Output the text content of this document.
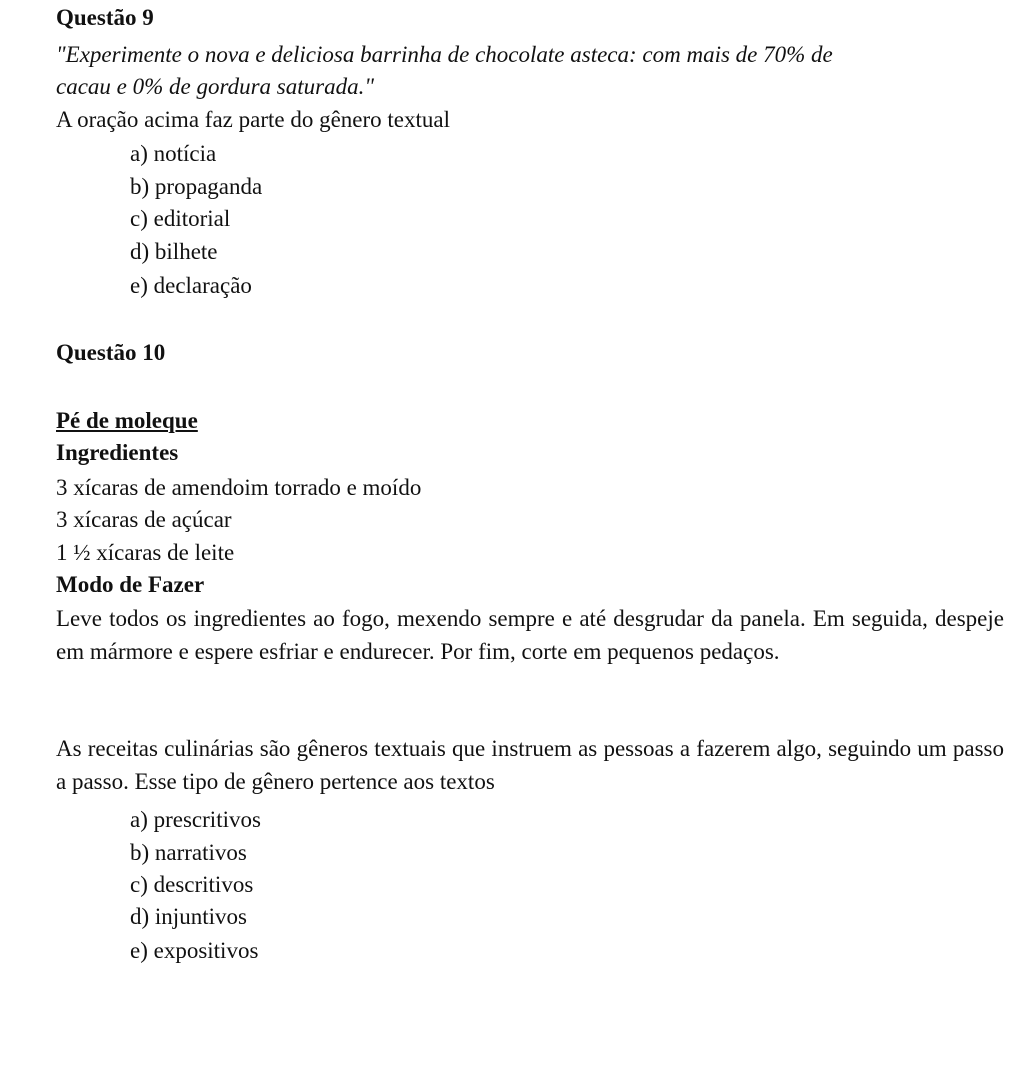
Questão 9
"Experimente o nova e deliciosa barrinha de chocolate asteca: com mais de 70% de
cacau e 0% de gordura saturada."
A oração acima faz parte do gênero textual
a) notícia
b) propaganda
c) editorial
d) bilhete
e) declaração
Questão 10
Pé de moleque
Ingredientes
3 xícaras de amendoim torrado e moído
3 xícaras de açúcar
1 ½ xícaras de leite
Modo de Fazer
Leve todos os ingredientes ao fogo, mexendo sempre e até desgrudar da panela. Em seguida, despeje em mármore e espere esfriar e endurecer. Por fim, corte em pequenos pedaços.
As receitas culinárias são gêneros textuais que instruem as pessoas a fazerem algo, seguindo um passo a passo. Esse tipo de gênero pertence aos textos
a) prescritivos
b) narrativos
c) descritivos
d) injuntivos
e) expositivos
